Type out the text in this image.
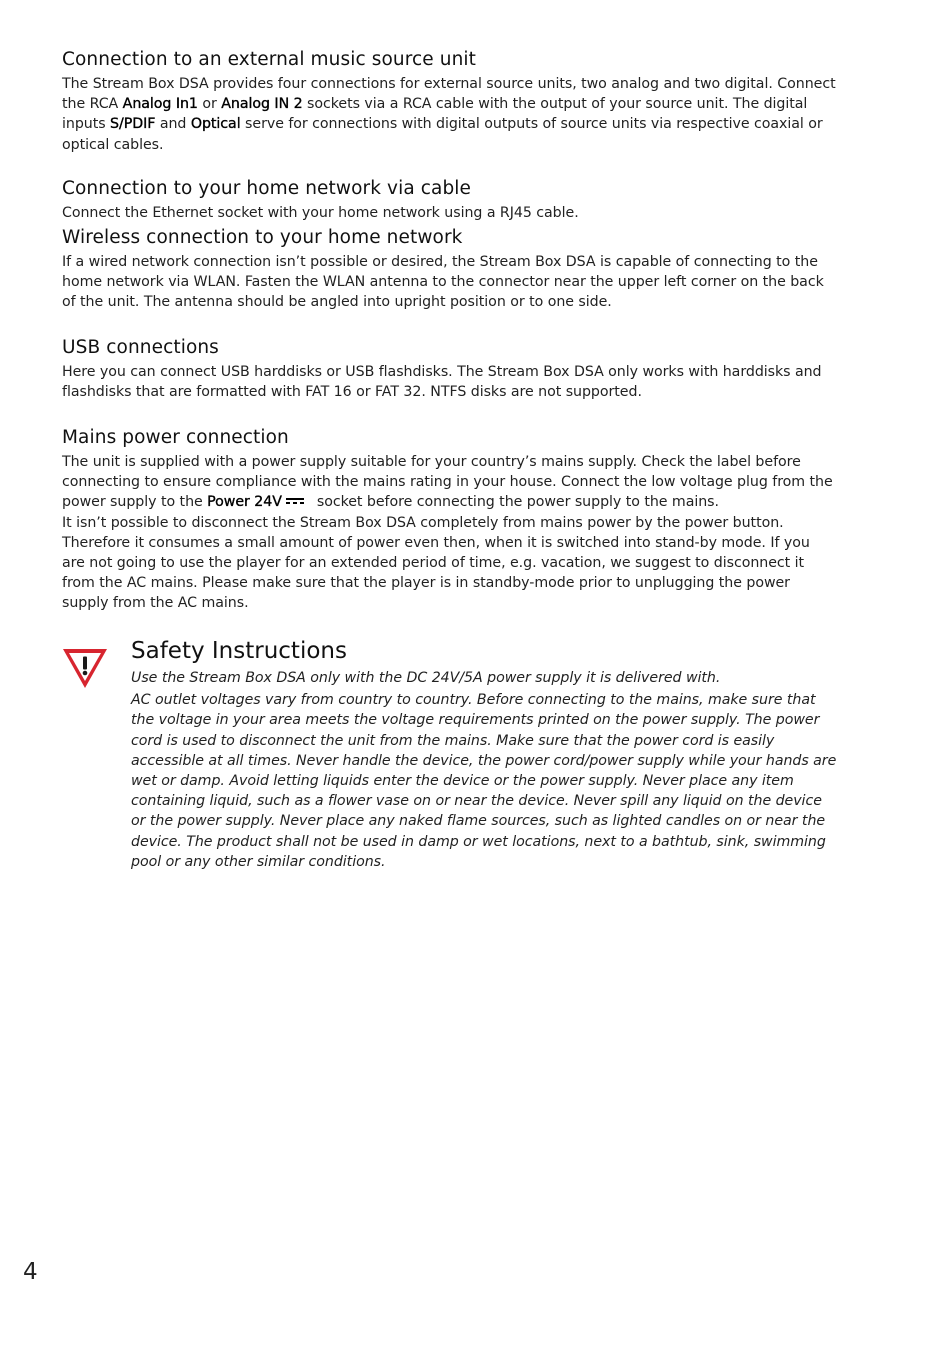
Connection to an external music source unit

The Stream Box DSA provides four connections for external source units, two analog and two digital. Connect the RCA Analog In1 or Analog IN 2 sockets via a RCA cable with the output of your source unit. The digital inputs S/PDIF and Optical serve for connections with digital outputs of source units via respective coaxial or optical cables.

Connection to your home network via cable

Connect the Ethernet socket with your home network using a RJ45 cable.

Wireless connection to your home network

If a wired network connection isn’t possible or desired, the Stream Box DSA is capable of connecting to the home network via WLAN. Fasten the WLAN antenna to the connector near the upper left corner on the back of the unit. The antenna should be angled into upright position or to one side.

USB connections

Here you can connect USB harddisks or USB flashdisks. The Stream Box DSA only works with harddisks and flashdisks that are formatted with FAT 16 or FAT 32. NTFS disks are not supported.

Mains power connection

The unit is supplied with a power supply suitable for your country’s mains supply. Check the label before connecting to ensure compliance with the mains rating in your house. Connect the low voltage plug from the power supply to the Power 24V socket before connecting the power supply to the mains.

It isn’t possible to disconnect the Stream Box DSA completely from mains power by the power button. Therefore it consumes a small amount of power even then, when it is switched into stand-by mode. If you are not going to use the player for an extended period of time, e.g. vacation, we suggest to disconnect it from the AC mains. Please make sure that the player is in standby-mode prior to unplugging the power supply from the AC mains.

Safety Instructions

Use the Stream Box DSA only with the DC 24V/5A power supply it is delivered with.

AC outlet voltages vary from country to country. Before connecting to the mains, make sure that the voltage in your area meets the voltage requirements printed on the power supply. The power cord is used to disconnect the unit from the mains. Make sure that the power cord is easily accessible at all times. Never handle the device, the power cord/power supply while your hands are wet or damp. Avoid letting liquids enter the device or the power supply. Never place any item containing liquid, such as a flower vase on or near the device. Never spill any liquid on the device or the power supply. Never place any naked flame sources, such as lighted candles on or near the device. The product shall not be used in damp or wet locations, next to a bathtub, sink, swimming pool or any other similar conditions.

4
